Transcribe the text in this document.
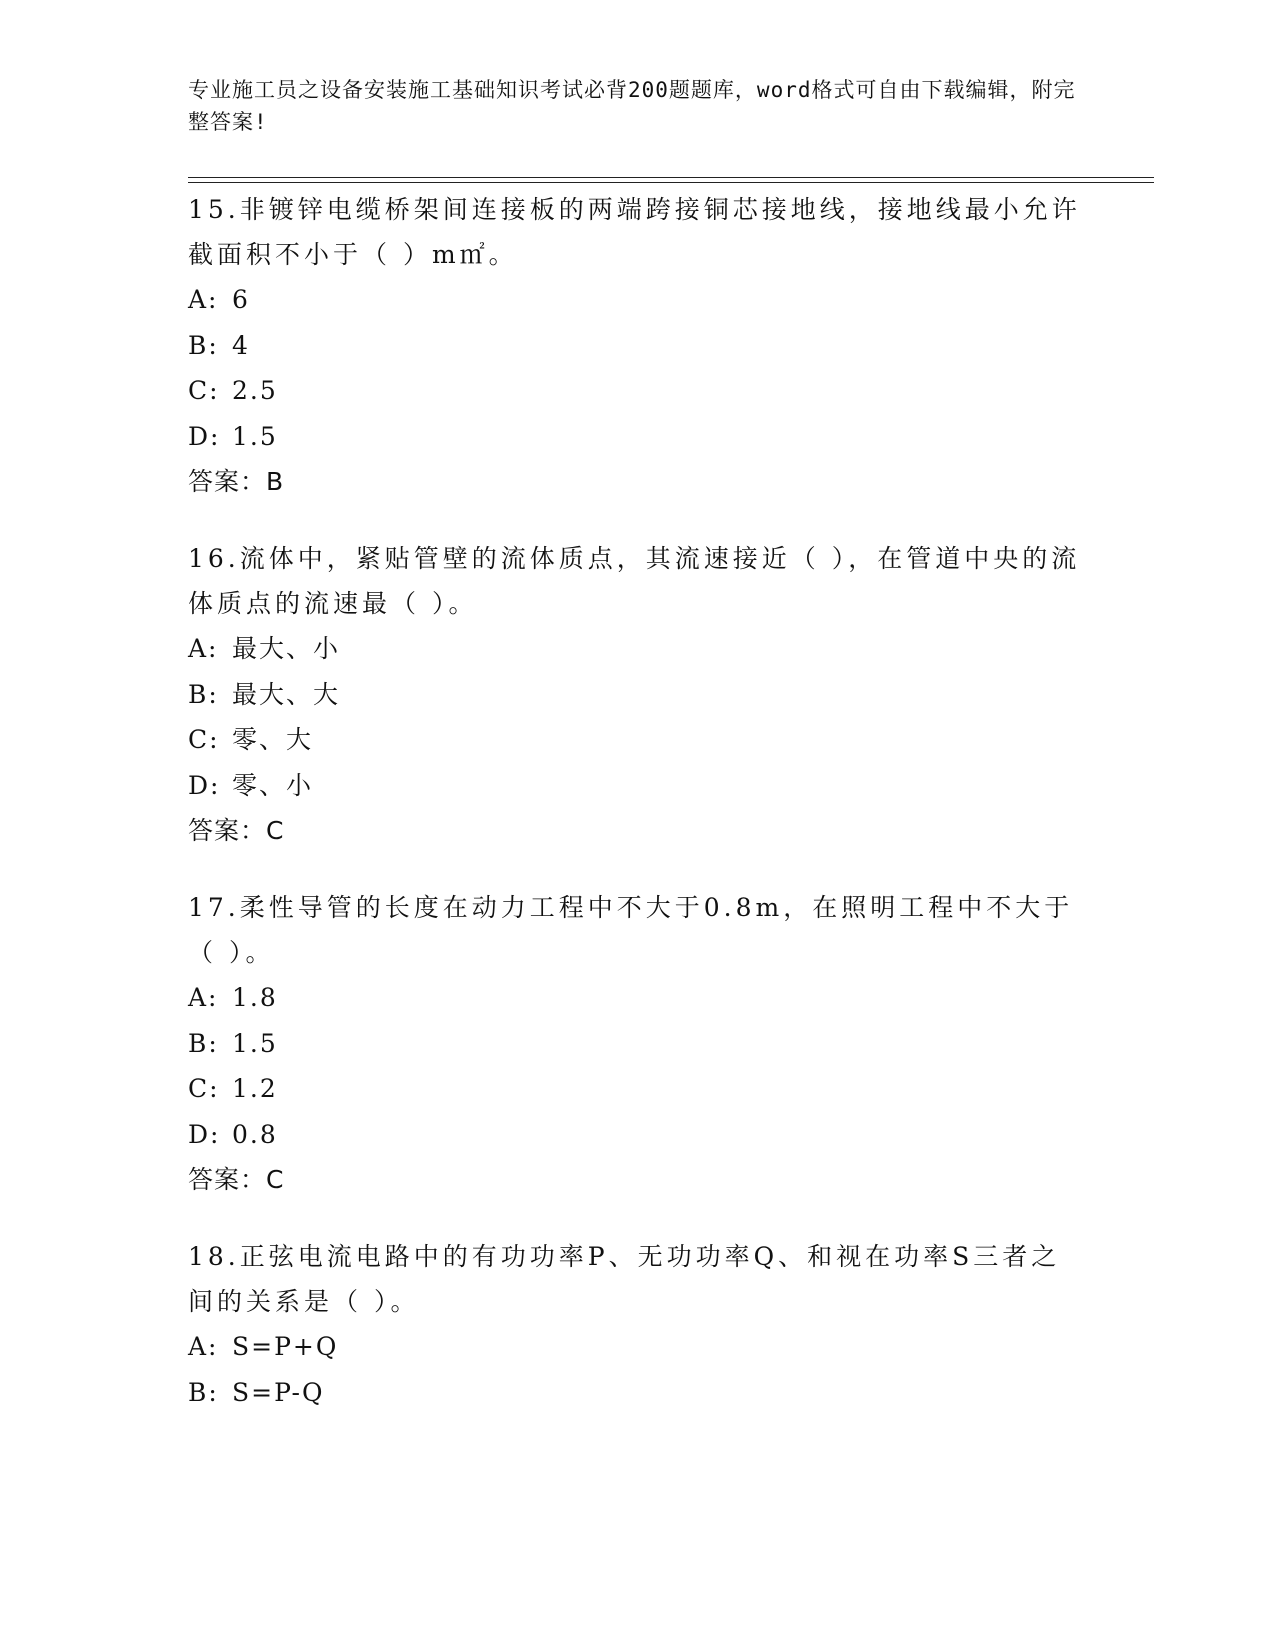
专业施工员之设备安装施工基础知识考试必背200题题库，word格式可自由下载编辑，附完整答案!

15.非镀锌电缆桥架间连接板的两端跨接铜芯接地线，接地线最小允许截面积不小于（ ）m㎡。

A: 6

B: 4

C: 2.5

D: 1.5

答案：B

16.流体中，紧贴管壁的流体质点，其流速接近（ ），在管道中央的流体质点的流速最（ ）。

A: 最大、小

B: 最大、大

C: 零、大

D: 零、小

答案：C

17.柔性导管的长度在动力工程中不大于0.8m，在照明工程中不大于（ ）。

A: 1.8

B: 1.5

C: 1.2

D: 0.8

答案：C

18.正弦电流电路中的有功功率P、无功功率Q、和视在功率S三者之间的关系是（ ）。

A: S=P+Q

B: S=P-Q
